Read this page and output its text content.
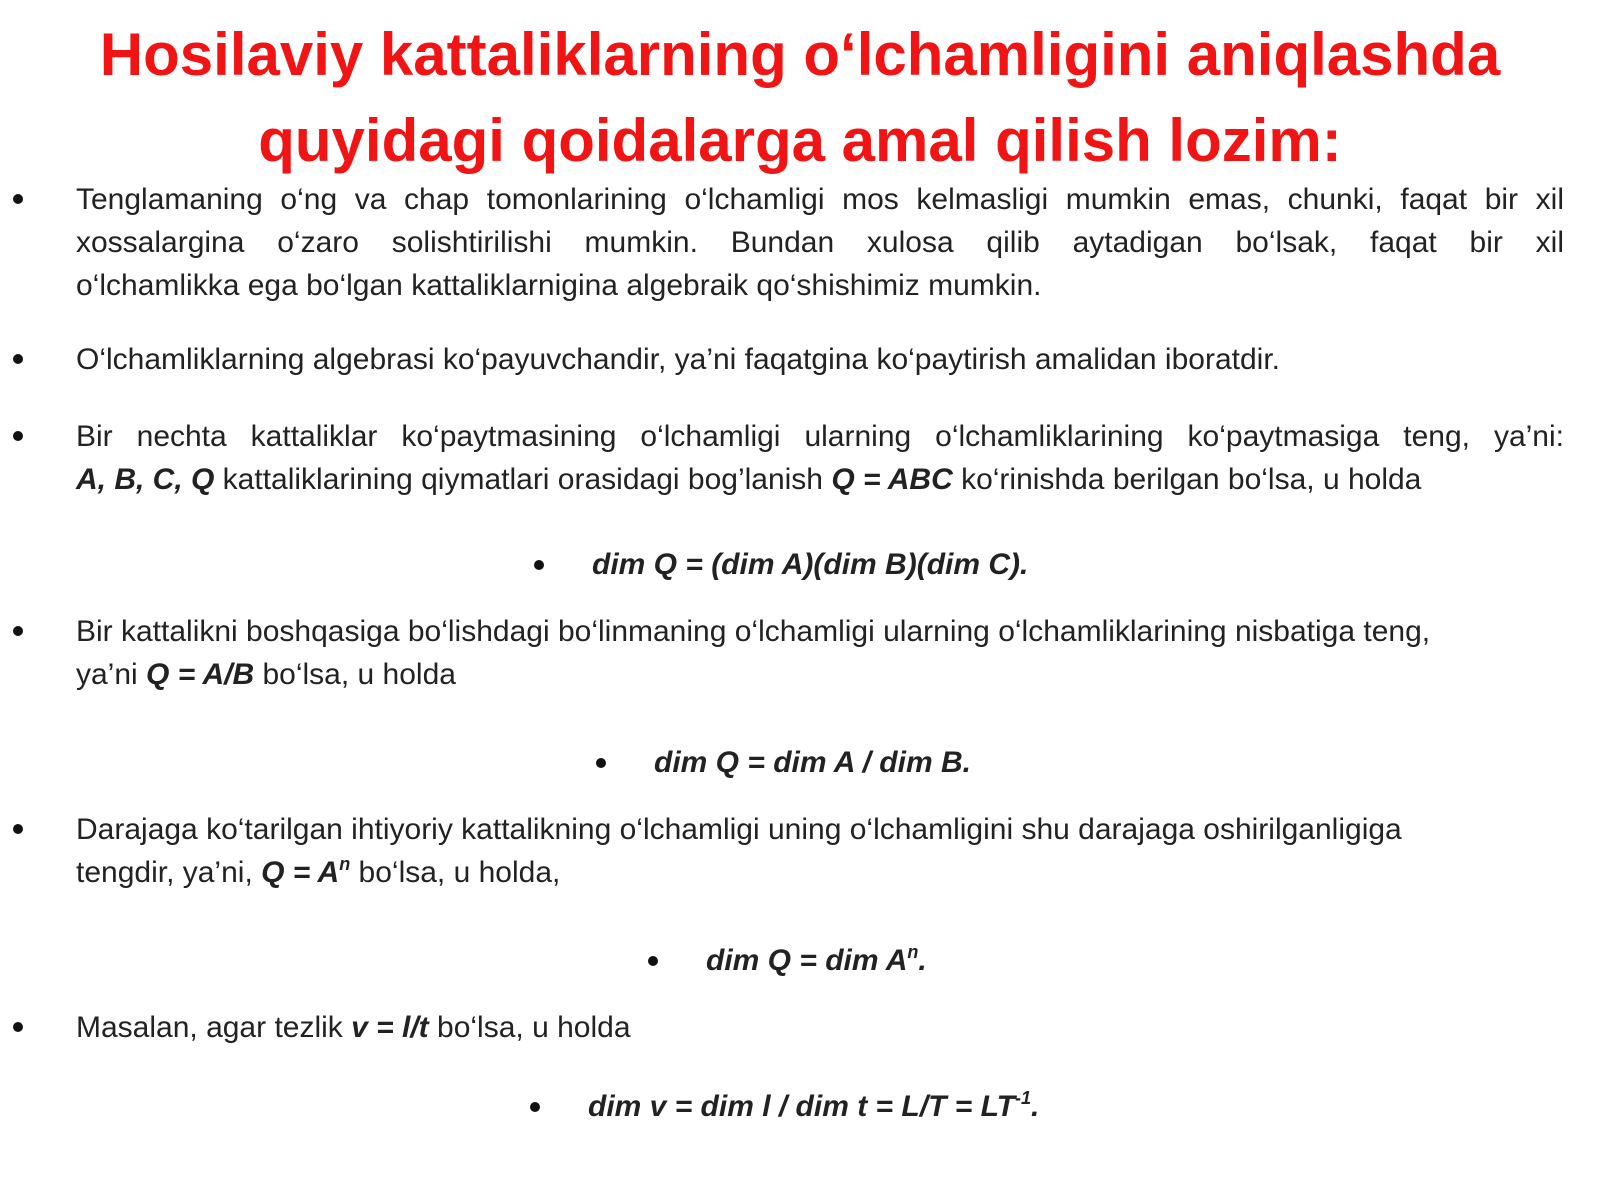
Hosilaviy kattaliklarning o‘lchamligini aniqlashda
quyidagi qoidalarga amal qilish lozim:
Tenglamaning o‘ng va chap tomonlarining o‘lchamligi mos kelmasligi mumkin emas, chunki, faqat bir xil
xossalargina o‘zaro solishtirilishi mumkin. Bundan xulosa qilib aytadigan bo‘lsak, faqat bir xil
o‘lchamlikka ega bo‘lgan kattaliklarnigina algebraik qo‘shishimiz mumkin.
O‘lchamliklarning algebrasi ko‘payuvchandir, ya’ni faqatgina ko‘paytirish amalidan iboratdir.
Bir nechta kattaliklar ko‘paytmasining o‘lchamligi ularning o‘lchamliklarining ko‘paytmasiga teng, ya’ni:
A, B, C, Q kattaliklarining qiymatlari orasidagi bog’lanish Q = ABC ko‘rinishda berilgan bo‘lsa, u holda
dim Q = (dim A)(dim B)(dim C).
Bir kattalikni boshqasiga bo‘lishdagi bo‘linmaning o‘lchamligi ularning o‘lchamliklarining nisbatiga teng,
ya’ni Q = A/B bo‘lsa, u holda
dim Q = dim A / dim B.
Darajaga ko‘tarilgan ihtiyoriy kattalikning o‘lchamligi uning o‘lchamligini shu darajaga oshirilganligiga
tengdir, ya’ni, $Q = A^n$ bo‘lsa, u holda,
dim Q = dim $A^n$.
Masalan, agar tezlik v = l/t bo‘lsa, u holda
dim v = dim l / dim $t = L/T = LT^{-1}$.
